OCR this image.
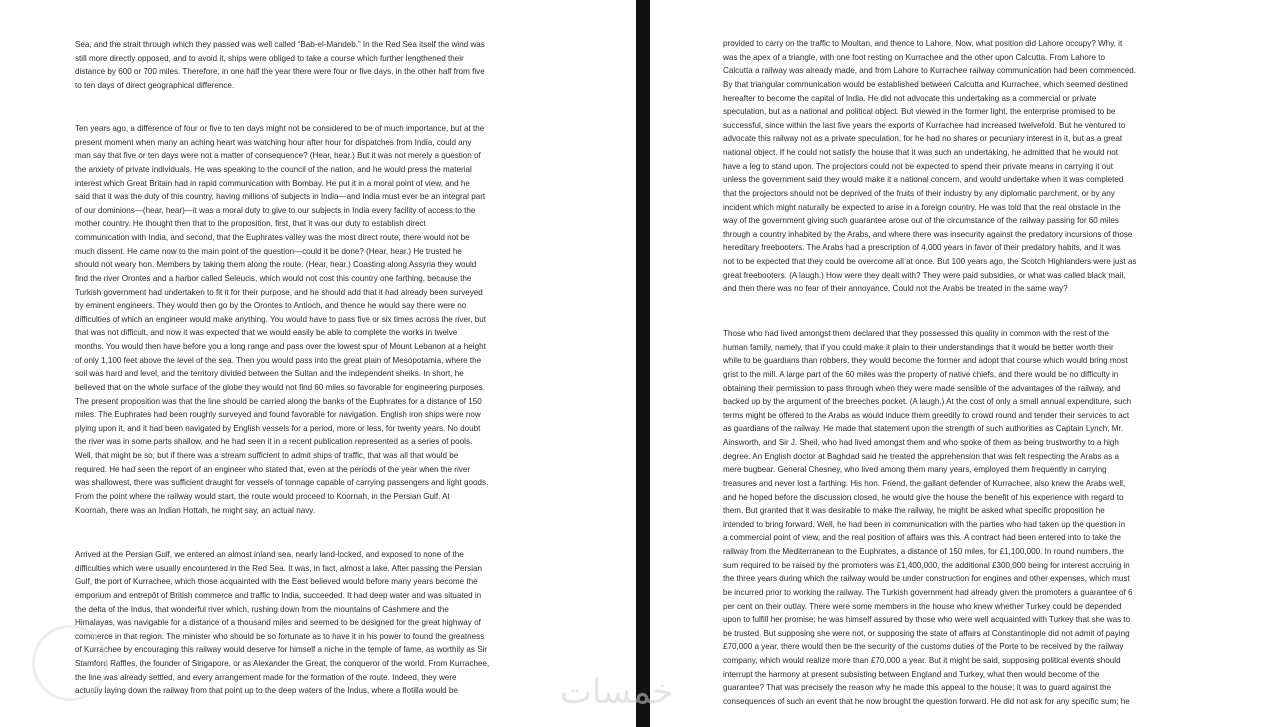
Sea, and the strait through which they passed was well called “Bab-el-Mandeb.” In the Red Sea itself the wind was
still more directly opposed, and to avoid it, ships were obliged to take a course which further lengthened their
distance by 600 or 700 miles. Therefore, in one half the year there were four or five days, in the other half from five
to ten days of direct geographical difference.
Ten years ago, a difference of four or five to ten days might not be considered to be of much importance, but at the
present moment when many an aching heart was watching hour after hour for dispatches from India, could any
man say that five or ten days were not a matter of consequence? (Hear, hear.) But it was not merely a question of
the anxiety of private individuals. He was speaking to the council of the nation, and he would press the material
interest which Great Britain had in rapid communication with Bombay. He put it in a moral point of view, and he
said that it was the duty of this country, having millions of subjects in India—and India must ever be an integral part
of our dominions—(hear, hear)—it was a moral duty to give to our subjects in India every facility of access to the
mother country. He thought then that to the proposition, first, that it was our duty to establish direct
communication with India, and second, that the Euphrates valley was the most direct route, there would not be
much dissent. He came now to the main point of the question—could it be done? (Hear, hear.) He trusted he
should not weary hon. Members by taking them along the route. (Hear, hear.) Coasting along Assyria they would
find the river Orontes and a harbor called Seleucis, which would not cost this country one farthing, because the
Turkish government had undertaken to fit it for their purpose, and he should add that it had already been surveyed
by eminent engineers. They would then go by the Orontes to Antioch, and thence he would say there were no
difficulties of which an engineer would make anything. You would have to pass five or six times across the river, but
that was not difficult, and now it was expected that we would easily be able to complete the works in twelve
months. You would then have before you a long range and pass over the lowest spur of Mount Lebanon at a height
of only 1,100 feet above the level of the sea. Then you would pass into the great plain of Mesopotamia, where the
soil was hard and level, and the territory divided between the Sultan and the independent sheiks. In short, he
believed that on the whole surface of the globe they would not find 60 miles so favorable for engineering purposes.
The present proposition was that the line should be carried along the banks of the Euphrates for a distance of 150
miles. The Euphrates had been roughly surveyed and found favorable for navigation. English iron ships were now
plying upon it, and it had been navigated by English vessels for a period, more or less, for twenty years. No doubt
the river was in some parts shallow, and he had seen it in a recent publication represented as a series of pools.
Well, that might be so; but if there was a stream sufficient to admit ships of traffic, that was all that would be
required. He had seen the report of an engineer who stated that, even at the periods of the year when the river
was shallowest, there was sufficient draught for vessels of tonnage capable of carrying passengers and light goods.
From the point where the railway would start, the route would proceed to Koornah, in the Persian Gulf. At
Koornah, there was an Indian Hottah, he might say, an actual navy.
Arrived at the Persian Gulf, we entered an almost inland sea, nearly land-locked, and exposed to none of the
difficulties which were usually encountered in the Red Sea. It was, in fact, almost a lake. After passing the Persian
Gulf, the port of Kurrachee, which those acquainted with the East believed would before many years become the
emporium and entrepôt of British commerce and traffic to India, succeeded. It had deep water and was situated in
the delta of the Indus, that wonderful river which, rushing down from the mountains of Cashmere and the
Himalayas, was navigable for a distance of a thousand miles and seemed to be designed for the great highway of
commerce in that region. The minister who should be so fortunate as to have it in his power to found the greatness
of Kurrachee by encouraging this railway would deserve for himself a niche in the temple of fame, as worthily as Sir
Stamford Raffles, the founder of Singapore, or as Alexander the Great, the conqueror of the world. From Kurrachee,
the line was already settled, and every arrangement made for the formation of the route. Indeed, they were
actually laying down the railway from that point up to the deep waters of the Indus, where a flotilla would be
provided to carry on the traffic to Moultan, and thence to Lahore. Now, what position did Lahore occupy? Why, it
was the apex of a triangle, with one foot resting on Kurrachee and the other upon Calcutta. From Lahore to
Calcutta a railway was already made, and from Lahore to Kurrachee railway communication had been commenced.
By that triangular communication would be established between Calcutta and Kurrachee, which seemed destined
hereafter to become the capital of India. He did not advocate this undertaking as a commercial or private
speculation, but as a national and political object. But viewed in the former light, the enterprise promised to be
successful, since within the last five years the exports of Kurrachee had increased twelvefold. But he ventured to
advocate this railway not as a private speculation, for he had no shares or pecuniary interest in it, but as a great
national object. If he could not satisfy the house that it was such an undertaking, he admitted that he would not
have a leg to stand upon. The projectors could not be expected to spend their private means in carrying it out
unless the government said they would make it a national concern, and would undertake when it was completed
that the projectors should not be deprived of the fruits of their industry by any diplomatic parchment, or by any
incident which might naturally be expected to arise in a foreign country. He was told that the real obstacle in the
way of the government giving such guarantee arose out of the circumstance of the railway passing for 60 miles
through a country inhabited by the Arabs, and where there was insecurity against the predatory incursions of those
hereditary freebooters. The Arabs had a prescription of 4,000 years in favor of their predatory habits, and it was
not to be expected that they could be overcome all at once. But 100 years ago, the Scotch Highlanders were just as
great freebooters. (A laugh.) How were they dealt with? They were paid subsidies, or what was called black mail,
and then there was no fear of their annoyance. Could not the Arabs be treated in the same way?
Those who had lived amongst them declared that they possessed this quality in common with the rest of the
human family, namely, that if you could make it plain to their understandings that it would be better worth their
while to be guardians than robbers, they would become the former and adopt that course which would bring most
grist to the mill. A large part of the 60 miles was the property of native chiefs, and there would be no difficulty in
obtaining their permission to pass through when they were made sensible of the advantages of the railway, and
backed up by the argument of the breeches pocket. (A laugh.) At the cost of only a small annual expenditure, such
terms might be offered to the Arabs as would induce them greedily to crowd round and tender their services to act
as guardians of the railway. He made that statement upon the strength of such authorities as Captain Lynch, Mr.
Ainsworth, and Sir J. Sheil, who had lived amongst them and who spoke of them as being trustworthy to a high
degree. An English doctor at Baghdad said he treated the apprehension that was felt respecting the Arabs as a
mere bugbear. General Chesney, who lived among them many years, employed them frequently in carrying
treasures and never lost a farthing. His hon. Friend, the gallant defender of Kurrachee, also knew the Arabs well,
and he hoped before the discussion closed, he would give the house the benefit of his experience with regard to
them. But granted that it was desirable to make the railway, he might be asked what specific proposition he
intended to bring forward. Well, he had been in communication with the parties who had taken up the question in
a commercial point of view, and the real position of affairs was this. A contract had been entered into to take the
railway from the Mediterranean to the Euphrates, a distance of 150 miles, for £1,100,000. In round numbers, the
sum required to be raised by the promoters was £1,400,000, the additional £300,000 being for interest accruing in
the three years during which the railway would be under construction for engines and other expenses, which must
be incurred prior to working the railway. The Turkish government had already given the promoters a guarantee of 6
per cent on their outlay. There were some members in the house who knew whether Turkey could be depended
upon to fulfill her promise; he was himself assured by those who were well acquainted with Turkey that she was to
be trusted. But supposing she were not, or supposing the state of affairs at Constantinople did not admit of paying
£70,000 a year, there would then be the security of the customs duties of the Porte to be received by the railway
company, which would realize more than £70,000 a year. But it might be said, supposing political events should
interrupt the harmony at present subsisting between England and Turkey, what then would become of the
guarantee? That was precisely the reason why he made this appeal to the house; it was to guard against the
consequences of such an event that he now brought the question forward. He did not ask for any specific sum; he
خمسات
